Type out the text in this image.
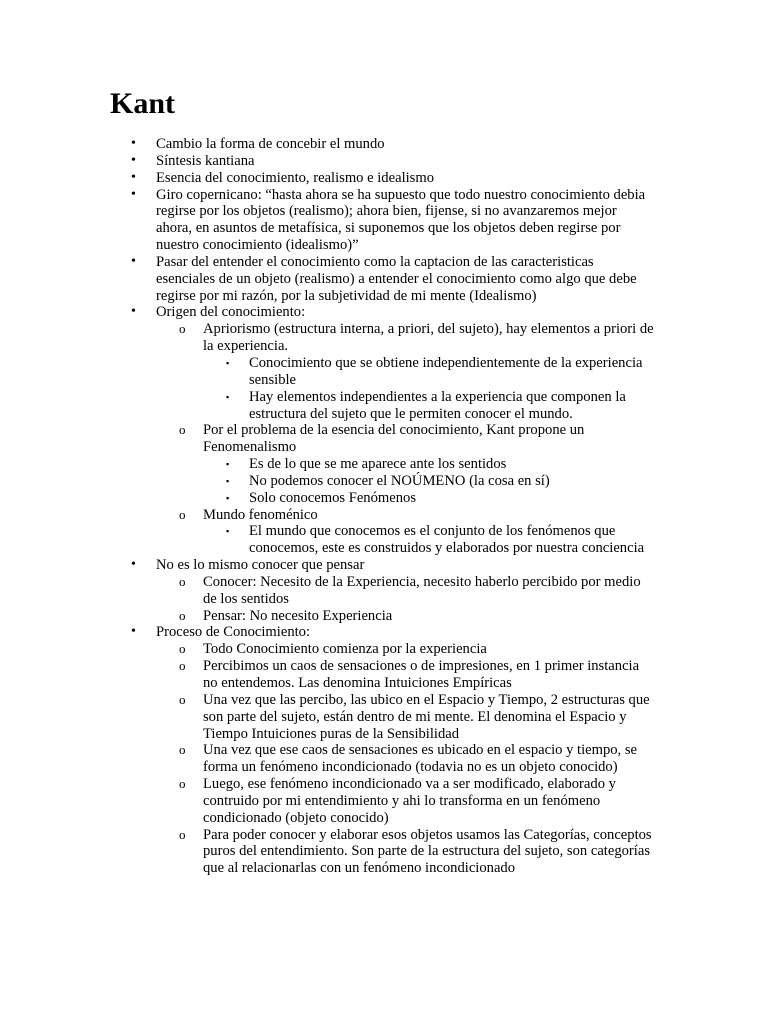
Kant
• Cambio la forma de concebir el mundo
• Síntesis kantiana
• Esencia del conocimiento, realismo e idealismo
• Giro copernicano: “hasta ahora se ha supuesto que todo nuestro conocimiento debia regirse por los objetos (realismo); ahora bien, fijense, si no avanzaremos mejor ahora, en asuntos de metafísica, si suponemos que los objetos deben regirse por nuestro conocimiento (idealismo)”
• Pasar del entender el conocimiento como la captacion de las caracteristicas esenciales de un objeto (realismo) a entender el conocimiento como algo que debe regirse por mi razón, por la subjetividad de mi mente (Idealismo)
• Origen del conocimiento:
o Apriorismo (estructura interna, a priori, del sujeto), hay elementos a priori de la experiencia.
▪ Conocimiento que se obtiene independientemente de la experiencia sensible
▪ Hay elementos independientes a la experiencia que componen la estructura del sujeto que le permiten conocer el mundo.
o Por el problema de la esencia del conocimiento, Kant propone un Fenomenalismo
▪ Es de lo que se me aparece ante los sentidos
▪ No podemos conocer el NOÚMENO (la cosa en sí)
▪ Solo conocemos Fenómenos
o Mundo fenoménico
▪ El mundo que conocemos es el conjunto de los fenómenos que conocemos, este es construidos y elaborados por nuestra conciencia
• No es lo mismo conocer que pensar
o Conocer: Necesito de la Experiencia, necesito haberlo percibido por medio de los sentidos
o Pensar: No necesito Experiencia
• Proceso de Conocimiento:
o Todo Conocimiento comienza por la experiencia
o Percibimos un caos de sensaciones o de impresiones, en 1 primer instancia no entendemos. Las denomina Intuiciones Empíricas
o Una vez que las percibo, las ubico en el Espacio y Tiempo, 2 estructuras que son parte del sujeto, están dentro de mi mente. El denomina el Espacio y Tiempo Intuiciones puras de la Sensibilidad
o Una vez que ese caos de sensaciones es ubicado en el espacio y tiempo, se forma un fenómeno incondicionado (todavia no es un objeto conocido)
o Luego, ese fenómeno incondicionado va a ser modificado, elaborado y contruido por mi entendimiento y ahi lo transforma en un fenómeno condicionado (objeto conocido)
o Para poder conocer y elaborar esos objetos usamos las Categorías, conceptos puros del entendimiento. Son parte de la estructura del sujeto, son categorías que al relacionarlas con un fenómeno incondicionado
